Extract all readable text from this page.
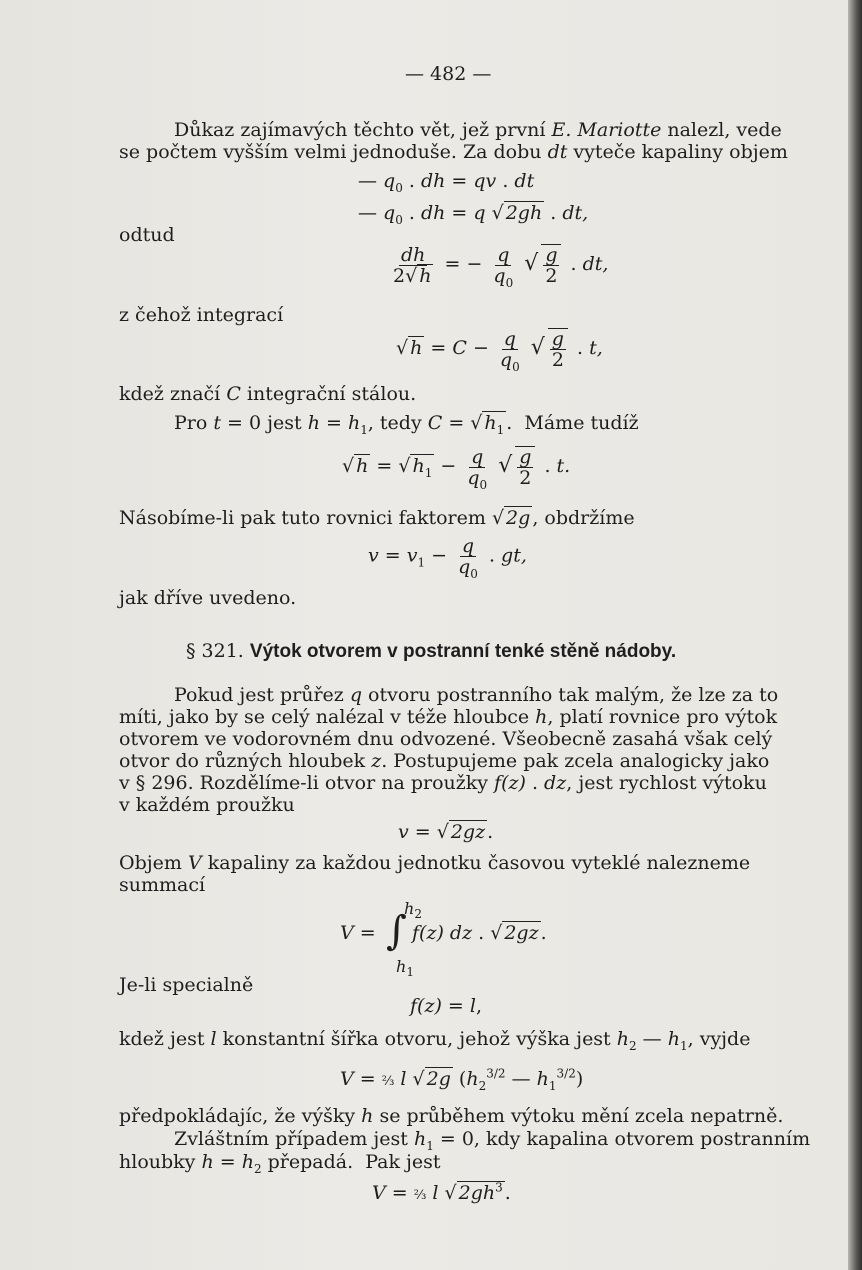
— 482 —
Důkaz zajímavých těchto vět, jež první E. Mariotte nalezl, vede
se počtem vyšším velmi jednoduše. Za dobu dt vyteče kapaliny objem
— $q_0$ . dh = qv . dt
— $q_0$ . dh = q √ 2gh . dt,
odtud
$\frac{dh}{2√ h}$ = − $\frac{q}{q_0}$ √ $\frac{g}{2}$ . dt,
z čehož integrací
√ $h = C - \frac{q}{q_0}$ √ $\frac{g}{2}$ . t,
kdež značí C integrační stálou.
Pro t = 0 jest $h = h_1$, tedy C = √ $h_1$ .  Máme tudíž
√ h = √ $h_1 - \frac{q}{q_0}$ √ $\frac{g}{2}$ . t.
Násobíme-li pak tuto rovnici faktorem √ 2g , obdržíme
$v = v_1 - \frac{q}{q_0}$ . gt,
jak dříve uvedeno.
§ 321. Výtok otvorem v postranní tenké stěně nádoby.
Pokud jest průřez q otvoru postranního tak malým, že lze za to
míti, jako by se celý nalézal v téže hloubce h, platí rovnice pro výtok
otvorem ve vodorovném dnu odvozené. Všeobecně zasahá však celý
otvor do různých hloubek z. Postupujeme pak zcela analogicky jako
v § 296. Rozdělíme-li otvor na proužky f(z) . dz, jest rychlost výtoku
v každém proužku
v = √ 2gz .
Objem V kapaliny za každou jednotku časovou vyteklé nalezneme
summací
V = ∫
$h_2$
$h_1$
f(z) dz . √ 2gz .
Je-li specialně
f(z) = l,
kdež jest l konstantní šířka otvoru, jehož výška jest $h_2$ — $h_1$, vyjde
V = ⅔ l √ 2g ($h_2^{3/2}$ — $h_1^{3/2}$)
předpokládajíc, že výšky h se průběhem výtoku mění zcela nepatrně.
Zvláštním případem jest $h_1 = 0$, kdy kapalina otvorem postranním
hloubky $h = h_2$ přepadá.  Pak jest
V = ⅔ l √ $2gh^3$ .
